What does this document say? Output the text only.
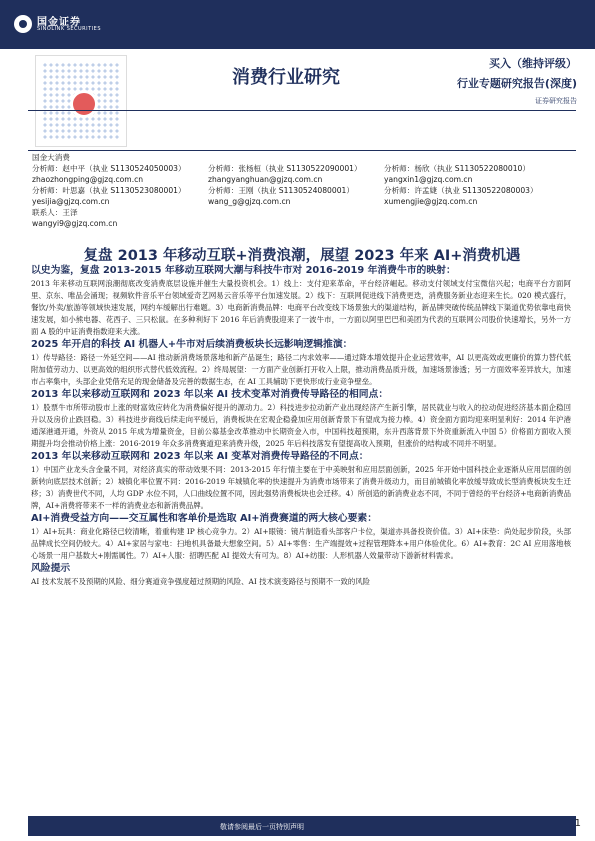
国金证券
SINOLINK SECURITIES
消费行业研究
买入（维持评级）
行业专题研究报告(深度)
证券研究报告
国金大消费
分析师：赵中平（执业 S1130524050003）	分析师：张杨桓（执业 S1130522090001）	分析师：杨欣（执业 S1130522080010）
zhaozhongping@gjzq.com.cn	zhangyanghuan@gjzq.com.cn	yangxin1@gjzq.com.cn
分析师：叶思嘉（执业 S1130523080001）	分析师：王刚（执业 S1130524080001）	分析师：许孟婕（执业 S1130522080003）
yesijia@gjzq.com.cn	wang_g@gjzq.com.cn	xumengjie@gjzq.com.cn
联系人：王泽
wangyi9@gjzq.com.cn
复盘 2013 年移动互联+消费浪潮，展望 2023 年来 AI+消费机遇
以史为鉴，复盘 2013-2015 年移动互联网大潮与科技牛市对 2016-2019 年消费牛市的映射：

2013 年来移动互联网浪潮彻底改变消费底层设施并催生大量投资机会。1）线上：支付迎来革命，平台经济崛起。移动支付领域支付宝微信兴起；电商平台方面阿里、京东、唯品会涌现；视频软件音乐平台领域爱奇艺网易云音乐等平台加速发展。2）线下：互联网促进线下消费更迭，消费服务新业态迎来生长。020 模式盛行，餐饮/外卖/旅游等领域快速发展，网约车缓解出行难题。3）电商新消费品牌：电商平台改变线下场景独大的渠道结构，新品牌突破传统品牌线下渠道优势依靠电商快速发展，如小熊电器、花西子、三只松鼠。在多种利好下 2016 年后消费股迎来了一波牛市，一方面以阿里巴巴和美团为代表的互联网公司股价快速增长，另外一方面 A 股的中证消费指数迎来大涨。

2025 年开启的科技 AI 机器人+牛市对后续消费板块长远影响逻辑推演：

1）传导路径：路径一外延空间——AI 推动新消费场景落地和新产品诞生；路径二内求效率——通过降本增效提升企业运营效率，AI 以更高效或更廉价的算力替代低附加值劳动力、以更高效的组织形式替代低效流程。2）终局展望：一方面产业创新打开收入上限，推动消费品质升级，加速场景渗透；另一方面效率差异放大，加速市占率集中，头部企业凭借充足的现金储备及完善的数据生态，在 AI 工具辅助下更快形成行业竞争壁垒。

2013 年以来移动互联网和 2023 年以来 AI 技术变革对消费传导路径的相同点：

1）股票牛市所带动股市上涨的财富效应转化为消费偏好提升的源动力。2）科技进步拉动新产业出现经济产生新引擎，居民就业与收入的拉动促进经济基本面企稳回升以及房价止跌回稳。3）科技进步商线后续走向平缓后，消费板块在宏观企稳叠加应用创新背景下有望成为接力棒。4）资金面方面均迎来明显利好：2014 年沪港通深港通开通，外资从 2015 年成为增量资金，目前公募基金改革推动中长期资金入市，中国科技超预期，东升西落背景下外资重新流入中国 5）价格面方面收入预期提升均会推动价格上涨：2016-2019 年众多消费赛道迎来消费升级，2025 年后科技落发有望提高收入预期，但涨价的结构或不同并不明显。

2013 年以来移动互联网和 2023 年以来 AI 变革对消费传导路径的不同点：

1）中国产业龙头含金量不同，对经济真实的带动效果不同：2013-2015 年行情主要在于中美映射和应用层面创新，2025 年开始中国科技企业逐渐从应用层面的创新转向底层技术创新；2）城镇化率位置不同：2016-2019 年城镇化率的快速提升为消费市场带来了消费升级动力，而目前城镇化率放缓导致成长型消费板块发生迁移；3）消费世代不同，人均 GDP 水位不同，人口曲线位置不同，因此强势消费板块也会迁移。4）所创造的新消费业态不同，不同于曾经的平台经济+电商新消费品牌，AI+消费将带来不一样的消费业态和新消费品牌。

AI+消费受益方向——交互属性和客单价是选取 AI+消费赛道的两大核心要素：

1）AI+玩具：商业化路径已较清晰，着重构建 IP 核心竞争力。2）AI+眼镜：镜片制造看头部客户卡位，渠道亦具备投资价值。3）AI+床垫：尚处起步阶段，头部品牌成长空间仍较大。4）AI+家居与家电：扫地机具备最大想象空间。5）AI+零售：生产端提效+过程管理降本+用户体验优化。6）AI+教育：2C AI 应用落地核心场景一用户基数大+刚需属性。7）AI+人服：招聘匹配 AI 提效大有可为。8）AI+纺服：人形机器人效量带动下游新材料需求。

风险提示

AI 技术发展不及预期的风险、细分赛道竞争强度超过预期的风险、AI 技术演变路径与预期不一致的风险

敬请参阅最后一页特别声明	1
